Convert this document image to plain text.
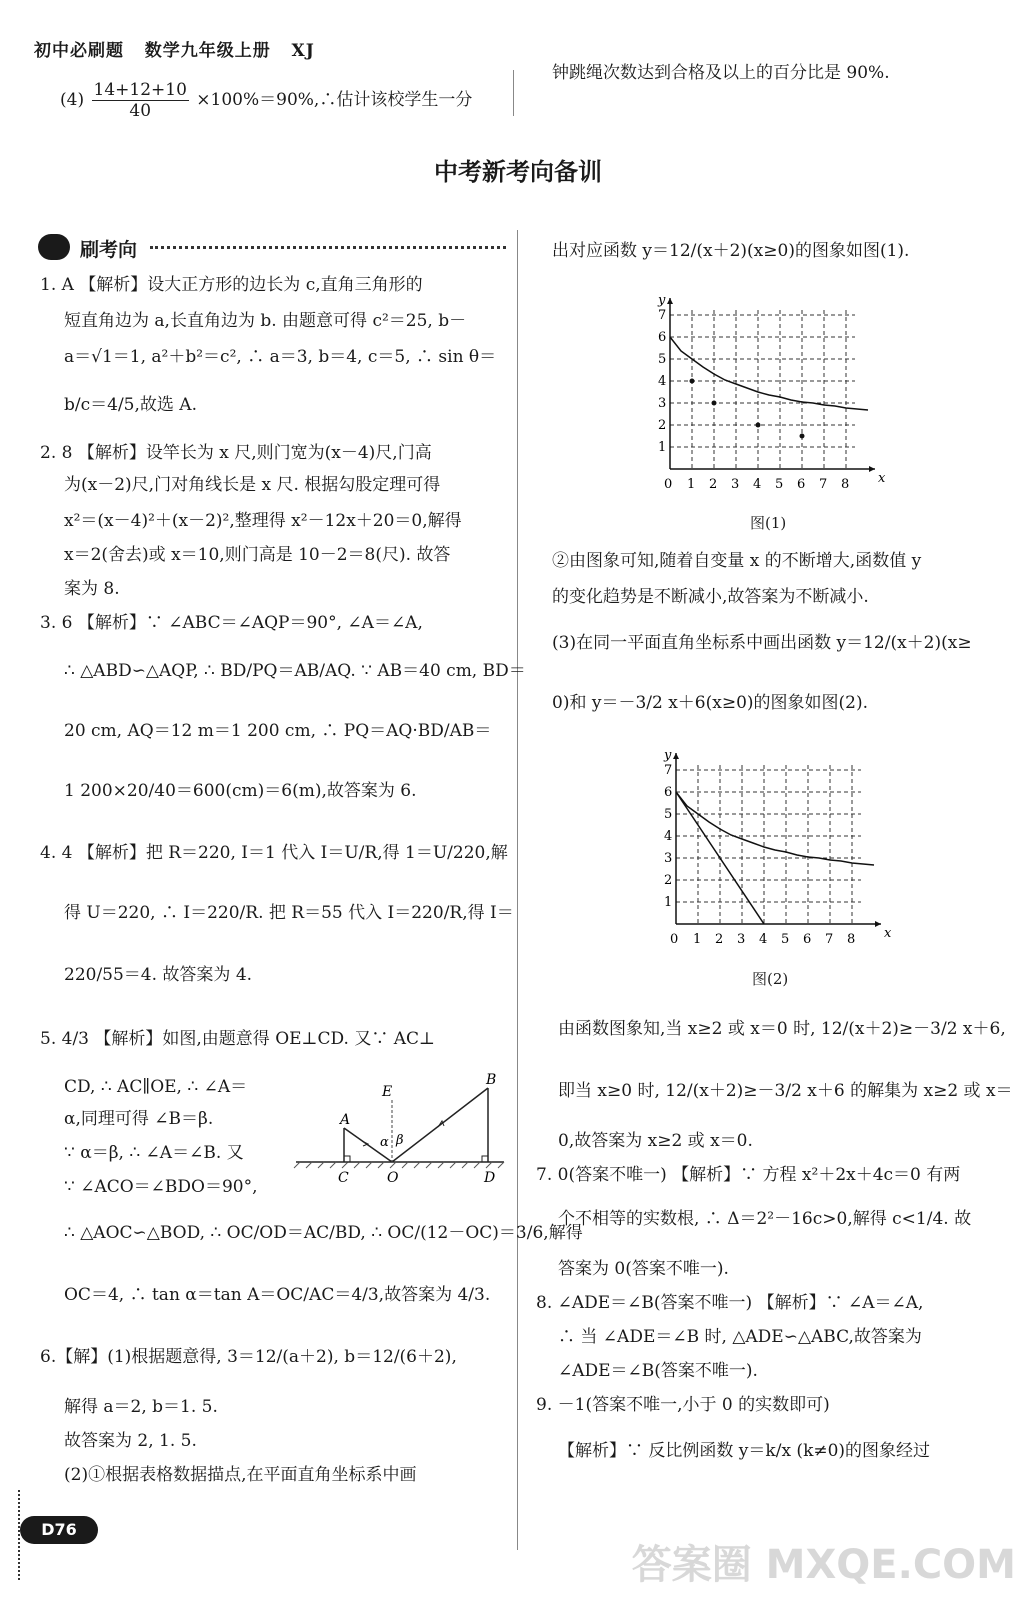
初中必刷题 数学九年级上册 XJ
$(4) \frac{14+12+10}{40}$ ×100%＝90%,∴估计该校学生一分
钟跳绳次数达到合格及以上的百分比是 90%.
中考新考向备训
刷考向
1. A 【解析】设大正方形的边长为 c,直角三角形的
短直角边为 a,长直角边为 b. 由题意可得 c²＝25, b－
a＝√1＝1, a²＋b²＝c², ∴ a＝3, b＝4, c＝5, ∴ sin θ＝
b/c＝4/5,故选 A.
2. 8 【解析】设竿长为 x 尺,则门宽为(x－4)尺,门高
为(x－2)尺,门对角线长是 x 尺. 根据勾股定理可得
x²＝(x－4)²＋(x－2)²,整理得 x²－12x＋20＝0,解得
x＝2(舍去)或 x＝10,则门高是 10－2＝8(尺). 故答
案为 8.
3. 6 【解析】∵ ∠ABC＝∠AQP＝90°, ∠A＝∠A,
∴ △ABD∽△AQP, ∴ BD/PQ＝AB/AQ. ∵ AB＝40 cm, BD＝
20 cm, AQ＝12 m＝1 200 cm, ∴ PQ＝AQ·BD/AB＝
1 200×20/40＝600(cm)＝6(m),故答案为 6.
4. 4 【解析】把 R＝220, I＝1 代入 I＝U/R,得 1＝U/220,解
得 U＝220, ∴ I＝220/R. 把 R＝55 代入 I＝220/R,得 I＝
220/55＝4. 故答案为 4.
5. 4/3 【解析】如图,由题意得 OE⊥CD. 又∵ AC⊥
CD, ∴ AC∥OE, ∴ ∠A＝
α,同理可得 ∠B＝β.
∵ α＝β, ∴ ∠A＝∠B. 又
∵ ∠ACO＝∠BDO＝90°,
∴ △AOC∽△BOD, ∴ OC/OD＝AC/BD, ∴ OC/(12－OC)＝3/6,解得
OC＝4, ∴ tan α＝tan A＝OC/AC＝4/3,故答案为 4/3.
6.【解】(1)根据题意得, 3＝12/(a＋2), b＝12/(6＋2),
解得 a＝2, b＝1. 5.
故答案为 2, 1. 5.
(2)①根据表格数据描点,在平面直角坐标系中画
E
A
B
C	O	D
α β
出对应函数 y＝12/(x＋2)(x≥0)的图象如图(1).
y
x
0 1 2 3 4 5 6 7 8
1
2
3
4
5
6
7
图(1)
②由图象可知,随着自变量 x 的不断增大,函数值 y
的变化趋势是不断减小,故答案为不断减小.
(3)在同一平面直角坐标系中画出函数 y＝12/(x＋2)(x≥
0)和 y＝－3/2 x＋6(x≥0)的图象如图(2).
y
x
0 1 2 3 4 5 6 7 8
1
2
3
4
5
6
7
图(2)
由函数图象知,当 x≥2 或 x＝0 时, 12/(x＋2)≥－3/2 x＋6,
即当 x≥0 时, 12/(x＋2)≥－3/2 x＋6 的解集为 x≥2 或 x＝
0,故答案为 x≥2 或 x＝0.
7. 0(答案不唯一) 【解析】∵ 方程 x²＋2x＋4c＝0 有两
个不相等的实数根, ∴ Δ＝2²－16c>0,解得 c<1/4. 故
答案为 0(答案不唯一).
8. ∠ADE＝∠B(答案不唯一) 【解析】∵ ∠A＝∠A,
∴ 当 ∠ADE＝∠B 时, △ADE∽△ABC,故答案为
∠ADE＝∠B(答案不唯一).
9. －1(答案不唯一,小于 0 的实数即可)
【解析】∵ 反比例函数 y＝k/x (k≠0)的图象经过
D76
答案圈 MXQE.COM
